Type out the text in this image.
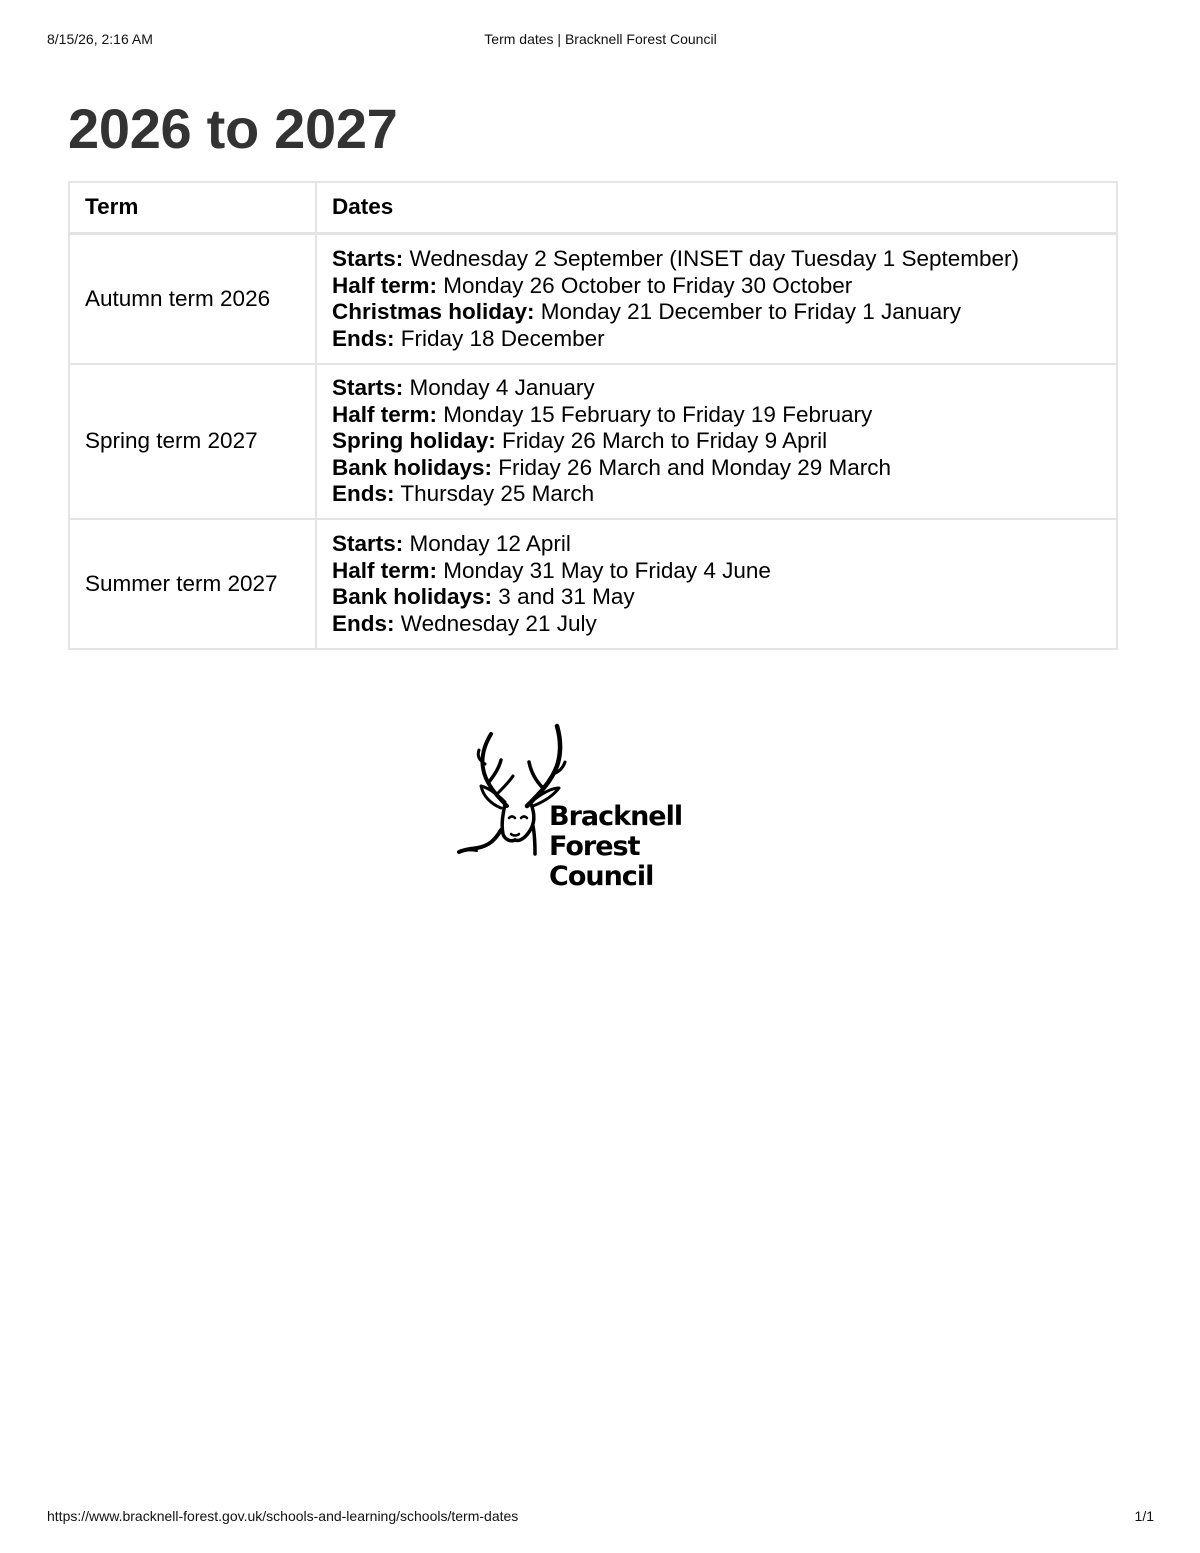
8/15/26, 2:16 AM	Term dates | Bracknell Forest Council
2026 to 2027
Term	Dates
Autumn term 2026	Starts: Wednesday 2 September (INSET day Tuesday 1 September)
Half term: Monday 26 October to Friday 30 October
Christmas holiday: Monday 21 December to Friday 1 January
Ends: Friday 18 December

Spring term 2027	Starts: Monday 4 January
Half term: Monday 15 February to Friday 19 February
Spring holiday: Friday 26 March to Friday 9 April
Bank holidays: Friday 26 March and Monday 29 March
Ends: Thursday 25 March

Summer term 2027	Starts: Monday 12 April
Half term: Monday 31 May to Friday 4 June
Bank holidays: 3 and 31 May
Ends: Wednesday 21 July
Bracknell
Forest
Council
https://www.bracknell-forest.gov.uk/schools-and-learning/schools/term-dates	1/1
